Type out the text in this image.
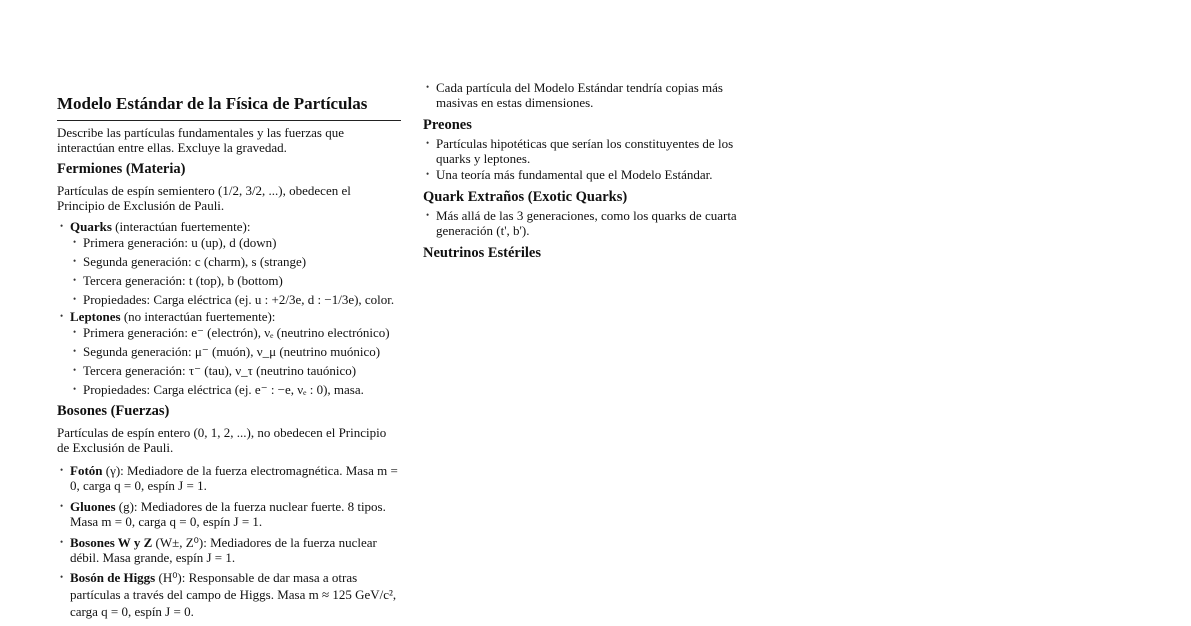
Modelo Estándar de la Física de Partículas

Describe las partículas fundamentales y las fuerzas que interactúan entre ellas. Excluye la gravedad.

Fermiones (Materia)

Partículas de espín semientero (1/2, 3/2, ...), obedecen el Principio de Exclusión de Pauli.

• Quarks (interactúan fuertemente):
• Primera generación: u (up), d (down)
• Segunda generación: c (charm), s (strange)
• Tercera generación: t (top), b (bottom)
• Propiedades: Carga eléctrica (ej. u : +2/3e, d : −1/3e), color.
• Leptones (no interactúan fuertemente):
• Primera generación: e⁻ (electrón), νₑ (neutrino electrónico)
• Segunda generación: μ⁻ (muón), ν_μ (neutrino muónico)
• Tercera generación: τ⁻ (tau), ν_τ (neutrino tauónico)
• Propiedades: Carga eléctrica (ej. e⁻ : −e, νₑ : 0), masa.
Bosones (Fuerzas)

Partículas de espín entero (0, 1, 2, ...), no obedecen el Principio de Exclusión de Pauli.

• Fotón (γ): Mediadore de la fuerza electromagnética. Masa m = 0, carga q = 0, espín J = 1.
• Gluones (g): Mediadores de la fuerza nuclear fuerte. 8 tipos. Masa m = 0, carga q = 0, espín J = 1.
• Bosones W y Z (W±, Z⁰): Mediadores de la fuerza nuclear débil. Masa grande, espín J = 1.
• Bosón de Higgs (H⁰): Responsable de dar masa a otras partículas a través del campo de Higgs. Masa m ≈ 125 GeV/c², carga q = 0, espín J = 0.
• Cada partícula del Modelo Estándar tendría copias más masivas en estas dimensiones.
Preones
• Partículas hipotéticas que serían los constituyentes de los quarks y leptones.
• Una teoría más fundamental que el Modelo Estándar.
Quark Extraños (Exotic Quarks)
• Más allá de las 3 generaciones, como los quarks de cuarta generación (t', b').
Neutrinos Estériles
